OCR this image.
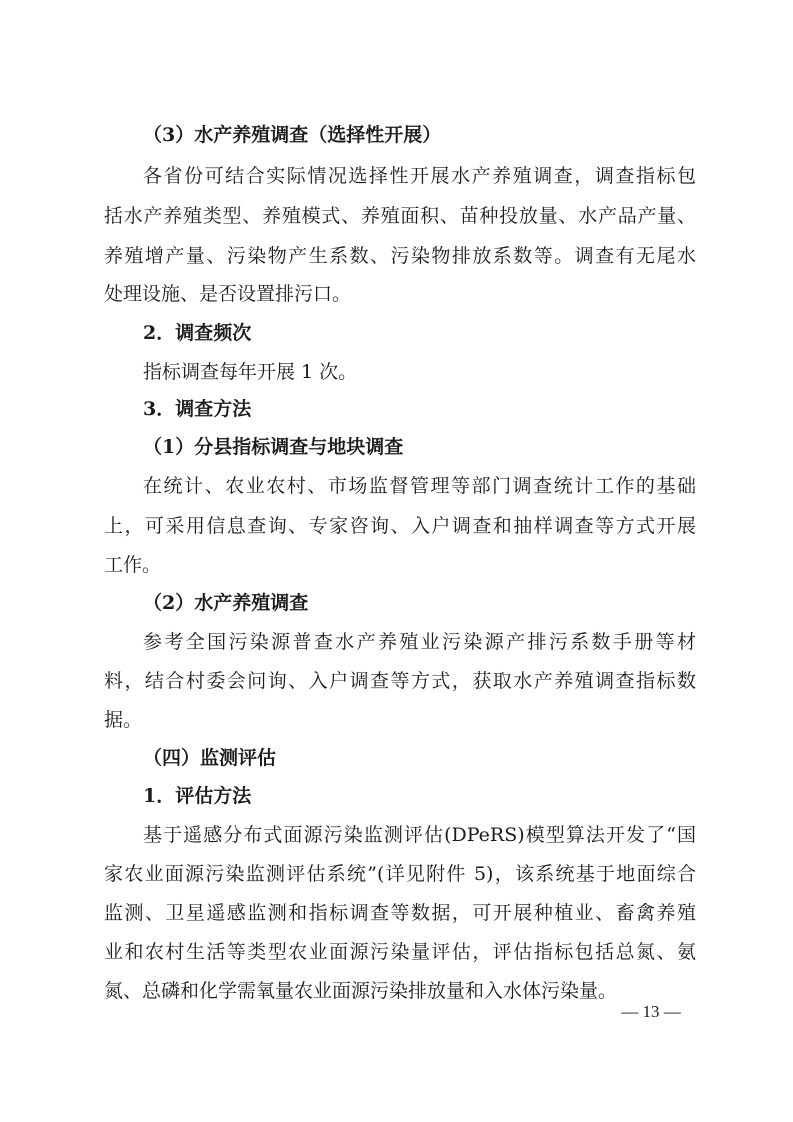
（3）水产养殖调查（选择性开展）
各省份可结合实际情况选择性开展水产养殖调查，调查指标包
括水产养殖类型、养殖模式、养殖面积、苗种投放量、水产品产量、
养殖增产量、污染物产生系数、污染物排放系数等。调查有无尾水
处理设施、是否设置排污口。
2．调查频次
指标调查每年开展 1 次。
3．调查方法
（1）分县指标调查与地块调查
在统计、农业农村、市场监督管理等部门调查统计工作的基础
上，可采用信息查询、专家咨询、入户调查和抽样调查等方式开展
工作。
（2）水产养殖调查
参考全国污染源普查水产养殖业污染源产排污系数手册等材
料，结合村委会问询、入户调查等方式，获取水产养殖调查指标数
据。
（四）监测评估
1．评估方法
基于遥感分布式面源污染监测评估(DPeRS)模型算法开发了“国
家农业面源污染监测评估系统”(详见附件 5)，该系统基于地面综合
监测、卫星遥感监测和指标调查等数据，可开展种植业、畜禽养殖
业和农村生活等类型农业面源污染量评估，评估指标包括总氮、氨
氮、总磷和化学需氧量农业面源污染排放量和入水体污染量。
— 13 —
